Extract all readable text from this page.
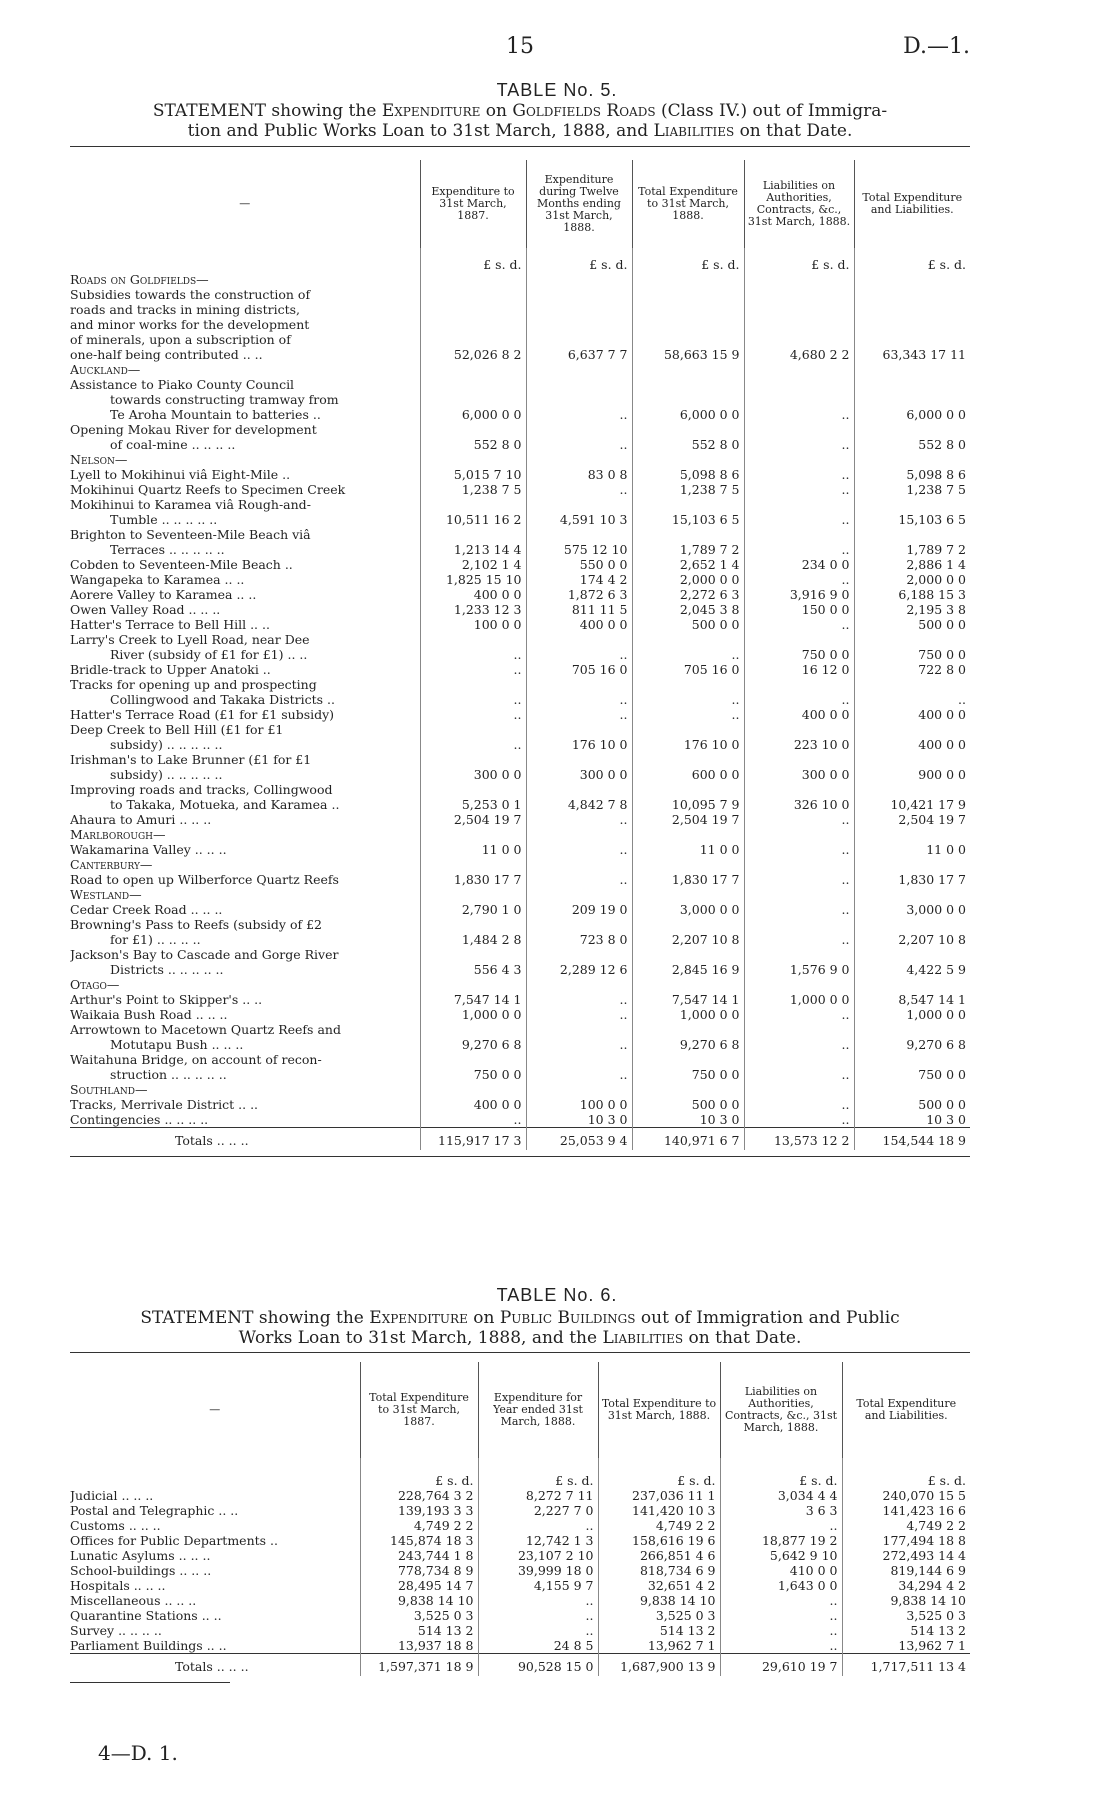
15	D.—1.
TABLE No. 5.
STATEMENT showing the Expenditure on Goldfields Roads (Class IV.) out of Immigra-
tion and Public Works Loan to 31st March, 1888, and Liabilities on that Date.
—	Expenditure to 31st March, 1887.	Expenditure during Twelve Months ending 31st March, 1888.	Total Expenditure to 31st March, 1888.	Liabilities on Authorities, Contracts, &c., 31st March, 1888.	Total Expenditure and Liabilities.
	£ s. d.	£ s. d.	£ s. d.	£ s. d.	£ s. d.
Roads on Goldfields—					
Subsidies towards the construction of					
roads and tracks in mining districts,					
and minor works for the development					
of minerals, upon a subscription of					
one-half being contributed .. ..	52,026 8 2	6,637 7 7	58,663 15 9	4,680 2 2	63,343 17 11
Auckland—					
Assistance to Piako County Council					
towards constructing tramway from					
Te Aroha Mountain to batteries ..	6,000 0 0	..	6,000 0 0	..	6,000 0 0
Opening Mokau River for development					
of coal-mine .. .. .. ..	552 8 0	..	552 8 0	..	552 8 0
Nelson—					
Lyell to Mokihinui viâ Eight-Mile ..	5,015 7 10	83 0 8	5,098 8 6	..	5,098 8 6
Mokihinui Quartz Reefs to Specimen Creek	1,238 7 5	..	1,238 7 5	..	1,238 7 5
Mokihinui to Karamea viâ Rough-and-					
Tumble .. .. .. .. ..	10,511 16 2	4,591 10 3	15,103 6 5	..	15,103 6 5
Brighton to Seventeen-Mile Beach viâ					
Terraces .. .. .. .. ..	1,213 14 4	575 12 10	1,789 7 2	..	1,789 7 2
Cobden to Seventeen-Mile Beach ..	2,102 1 4	550 0 0	2,652 1 4	234 0 0	2,886 1 4
Wangapeka to Karamea .. ..	1,825 15 10	174 4 2	2,000 0 0	..	2,000 0 0
Aorere Valley to Karamea .. ..	400 0 0	1,872 6 3	2,272 6 3	3,916 9 0	6,188 15 3
Owen Valley Road .. .. ..	1,233 12 3	811 11 5	2,045 3 8	150 0 0	2,195 3 8
Hatter's Terrace to Bell Hill .. ..	100 0 0	400 0 0	500 0 0	..	500 0 0
Larry's Creek to Lyell Road, near Dee					
River (subsidy of £1 for £1) .. ..	..	..	..	750 0 0	750 0 0
Bridle-track to Upper Anatoki ..	..	705 16 0	705 16 0	16 12 0	722 8 0
Tracks for opening up and prospecting					
Collingwood and Takaka Districts ..	..	..	..	..	..
Hatter's Terrace Road (£1 for £1 subsidy)	..	..	..	400 0 0	400 0 0
Deep Creek to Bell Hill (£1 for £1					
subsidy) .. .. .. .. ..	..	176 10 0	176 10 0	223 10 0	400 0 0
Irishman's to Lake Brunner (£1 for £1					
subsidy) .. .. .. .. ..	300 0 0	300 0 0	600 0 0	300 0 0	900 0 0
Improving roads and tracks, Collingwood					
to Takaka, Motueka, and Karamea ..	5,253 0 1	4,842 7 8	10,095 7 9	326 10 0	10,421 17 9
Ahaura to Amuri .. .. ..	2,504 19 7	..	2,504 19 7	..	2,504 19 7
Marlborough—					
Wakamarina Valley .. .. ..	11 0 0	..	11 0 0	..	11 0 0
Canterbury—					
Road to open up Wilberforce Quartz Reefs	1,830 17 7	..	1,830 17 7	..	1,830 17 7
Westland—					
Cedar Creek Road .. .. ..	2,790 1 0	209 19 0	3,000 0 0	..	3,000 0 0
Browning's Pass to Reefs (subsidy of £2					
for £1) .. .. .. ..	1,484 2 8	723 8 0	2,207 10 8	..	2,207 10 8
Jackson's Bay to Cascade and Gorge River					
Districts .. .. .. .. ..	556 4 3	2,289 12 6	2,845 16 9	1,576 9 0	4,422 5 9
Otago—					
Arthur's Point to Skipper's .. ..	7,547 14 1	..	7,547 14 1	1,000 0 0	8,547 14 1
Waikaia Bush Road .. .. ..	1,000 0 0	..	1,000 0 0	..	1,000 0 0
Arrowtown to Macetown Quartz Reefs and					
Motutapu Bush .. .. ..	9,270 6 8	..	9,270 6 8	..	9,270 6 8
Waitahuna Bridge, on account of recon-					
struction .. .. .. .. ..	750 0 0	..	750 0 0	..	750 0 0
Southland—					
Tracks, Merrivale District .. ..	400 0 0	100 0 0	500 0 0	..	500 0 0
Contingencies .. .. .. ..	..	10 3 0	10 3 0	..	10 3 0
Totals .. .. ..	115,917 17 3	25,053 9 4	140,971 6 7	13,573 12 2	154,544 18 9
TABLE No. 6.
STATEMENT showing the Expenditure on Public Buildings out of Immigration and Public
Works Loan to 31st March, 1888, and the Liabilities on that Date.
—	Total Expenditure to 31st March, 1887.	Expenditure for Year ended 31st March, 1888.	Total Expenditure to 31st March, 1888.	Liabilities on Authorities, Contracts, &c., 31st March, 1888.	Total Expenditure and Liabilities.
	£ s. d.	£ s. d.	£ s. d.	£ s. d.	£ s. d.
Judicial .. .. ..	228,764 3 2	8,272 7 11	237,036 11 1	3,034 4 4	240,070 15 5
Postal and Telegraphic .. ..	139,193 3 3	2,227 7 0	141,420 10 3	3 6 3	141,423 16 6
Customs .. .. ..	4,749 2 2	..	4,749 2 2	..	4,749 2 2
Offices for Public Departments ..	145,874 18 3	12,742 1 3	158,616 19 6	18,877 19 2	177,494 18 8
Lunatic Asylums .. .. ..	243,744 1 8	23,107 2 10	266,851 4 6	5,642 9 10	272,493 14 4
School-buildings .. .. ..	778,734 8 9	39,999 18 0	818,734 6 9	410 0 0	819,144 6 9
Hospitals .. .. ..	28,495 14 7	4,155 9 7	32,651 4 2	1,643 0 0	34,294 4 2
Miscellaneous .. .. ..	9,838 14 10	..	9,838 14 10	..	9,838 14 10
Quarantine Stations .. ..	3,525 0 3	..	3,525 0 3	..	3,525 0 3
Survey .. .. .. ..	514 13 2	..	514 13 2	..	514 13 2
Parliament Buildings .. ..	13,937 18 8	24 8 5	13,962 7 1	..	13,962 7 1
Totals .. .. ..	1,597,371 18 9	90,528 15 0	1,687,900 13 9	29,610 19 7	1,717,511 13 4
4—D. 1.
